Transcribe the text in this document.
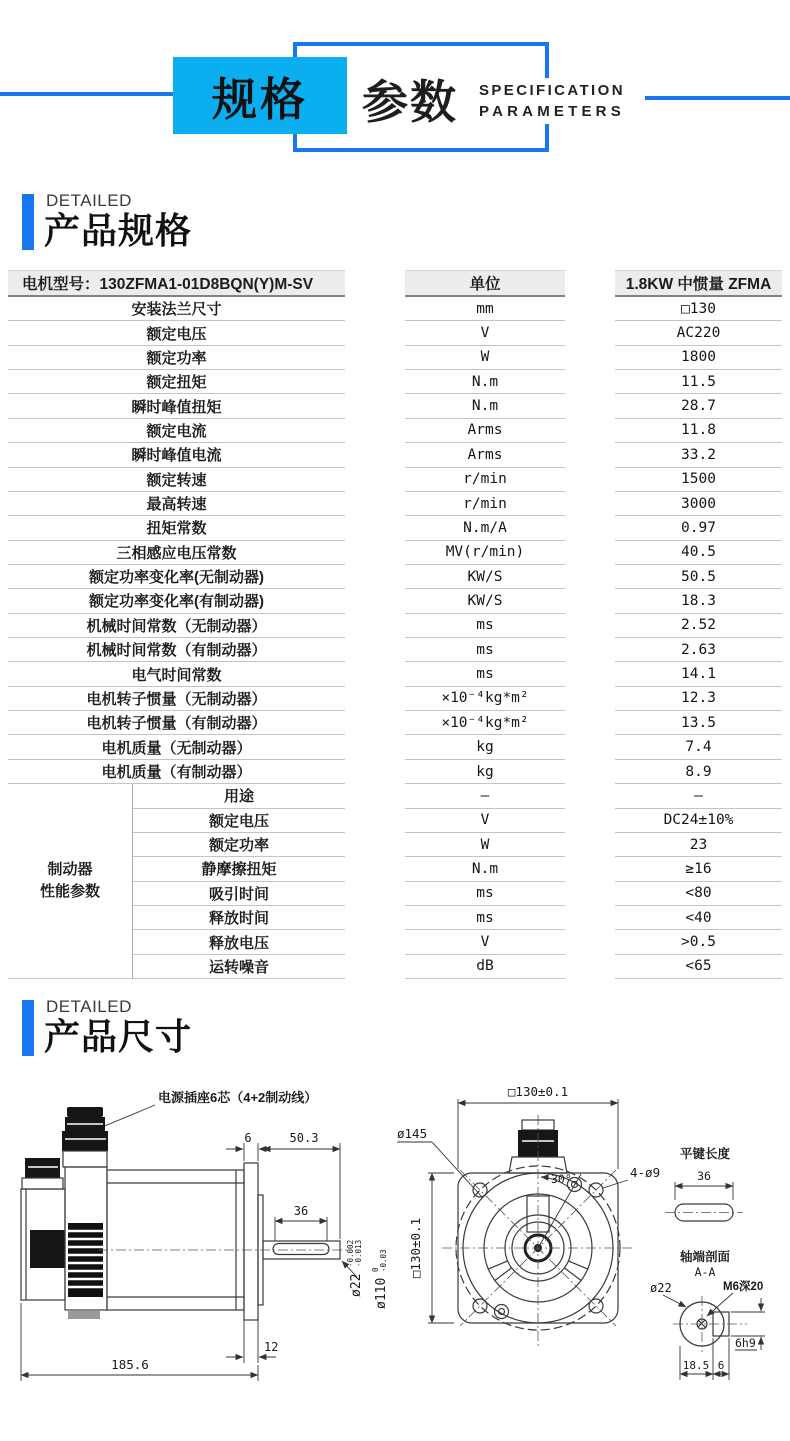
规格 参数 SPECIFICATION
PARAMETERS
DETAILED
产品规格
电机型号：130ZFMA1-01D8BQN(Y)M-SV	单位	1.8KW 中惯量 ZFMA
安装法兰尺寸	mm	□130
额定电压	V	AC220
额定功率	W	1800
额定扭矩	N.m	11.5
瞬时峰值扭矩	N.m	28.7
额定电流	Arms	11.8
瞬时峰值电流	Arms	33.2
额定转速	r/min	1500
最高转速	r/min	3000
扭矩常数	N.m/A	0.97
三相感应电压常数	MV(r/min)	40.5
额定功率变化率(无制动器)	KW/S	50.5
额定功率变化率(有制动器)	KW/S	18.3
机械时间常数（无制动器）	ms	2.52
机械时间常数（有制动器）	ms	2.63
电气时间常数	ms	14.1
电机转子惯量（无制动器）	×10⁻⁴kg*m²	12.3
电机转子惯量（有制动器）	×10⁻⁴kg*m²	13.5
电机质量（无制动器）	kg	7.4
电机质量（有制动器）	kg	8.9
制动器
性能参数
用途	—	—
额定电压	V	DC24±10%
额定功率	W	23
静摩擦扭矩	N.m	≥16
吸引时间	ms	<80
释放时间	ms	<40
释放电压	V	>0.5
运转噪音	dB	<65
DETAILED
产品尺寸
电源插座6芯（4+2制动线）
6	50.3
36
ø22
-0.002 -0.013
ø110
0 -0.03
12
185.6
□130±0.1
□130±0.1
ø145
30°	4-ø9
平键长度
36
轴端剖面
A-A
ø22	M6深20
6h9
18.5 6
